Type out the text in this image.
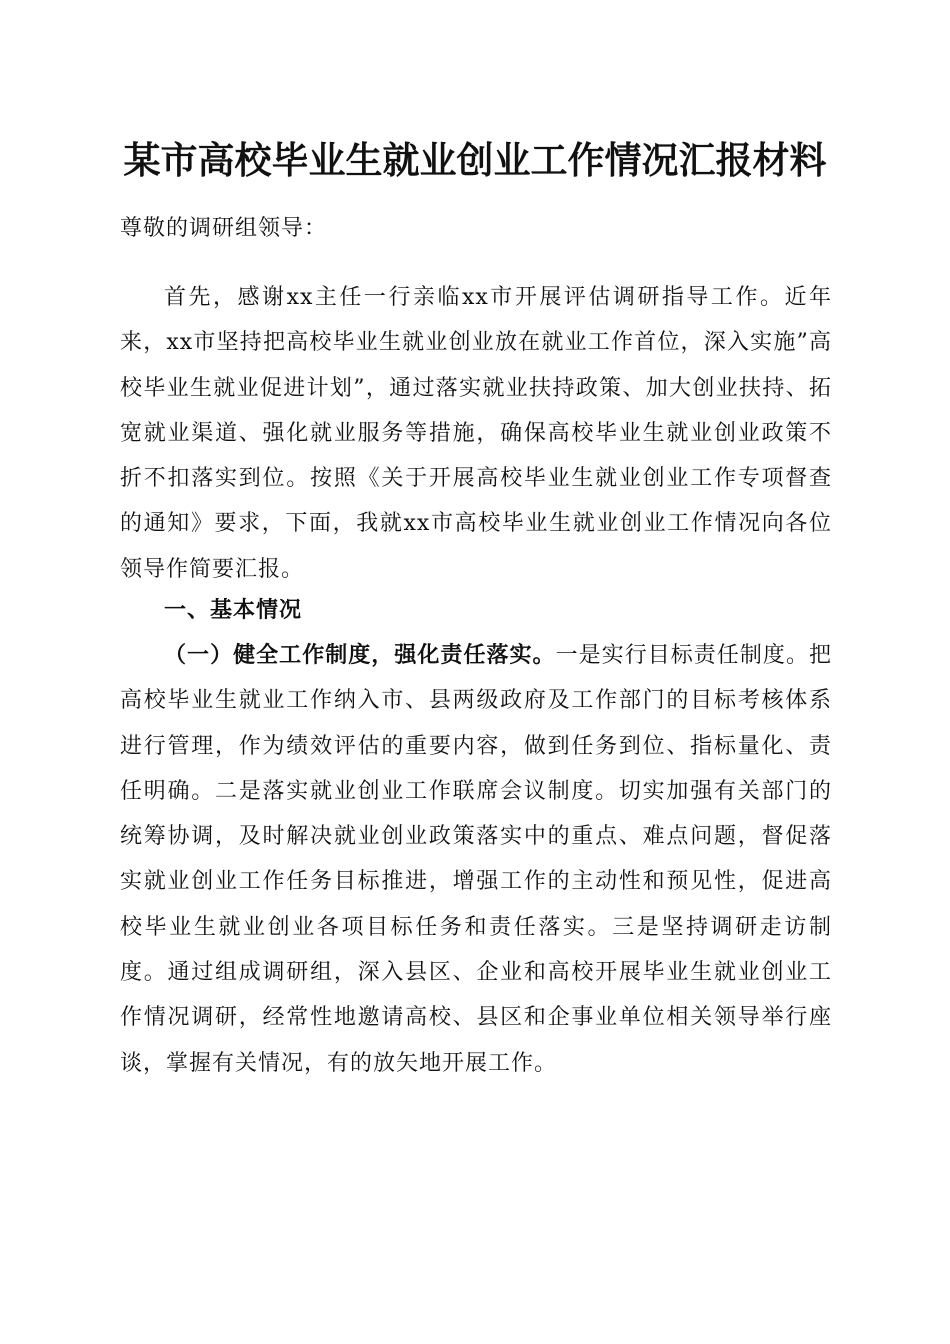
某市高校毕业生就业创业工作情况汇报材料
尊敬的调研组领导：
首先，感谢xx主任一行亲临xx市开展评估调研指导工作。近年来，xx市坚持把高校毕业生就业创业放在就业工作首位，深入实施”高校毕业生就业促进计划”，通过落实就业扶持政策、加大创业扶持、拓宽就业渠道、强化就业服务等措施，确保高校毕业生就业创业政策不折不扣落实到位。按照《关于开展高校毕业生就业创业工作专项督查的通知》要求，下面，我就xx市高校毕业生就业创业工作情况向各位领导作简要汇报。
一、基本情况
（一）健全工作制度，强化责任落实。一是实行目标责任制度。把高校毕业生就业工作纳入市、县两级政府及工作部门的目标考核体系进行管理，作为绩效评估的重要内容，做到任务到位、指标量化、责任明确。二是落实就业创业工作联席会议制度。切实加强有关部门的统筹协调，及时解决就业创业政策落实中的重点、难点问题，督促落实就业创业工作任务目标推进，增强工作的主动性和预见性，促进高校毕业生就业创业各项目标任务和责任落实。三是坚持调研走访制度。通过组成调研组，深入县区、企业和高校开展毕业生就业创业工作情况调研，经常性地邀请高校、县区和企事业单位相关领导举行座谈，掌握有关情况，有的放矢地开展工作。
